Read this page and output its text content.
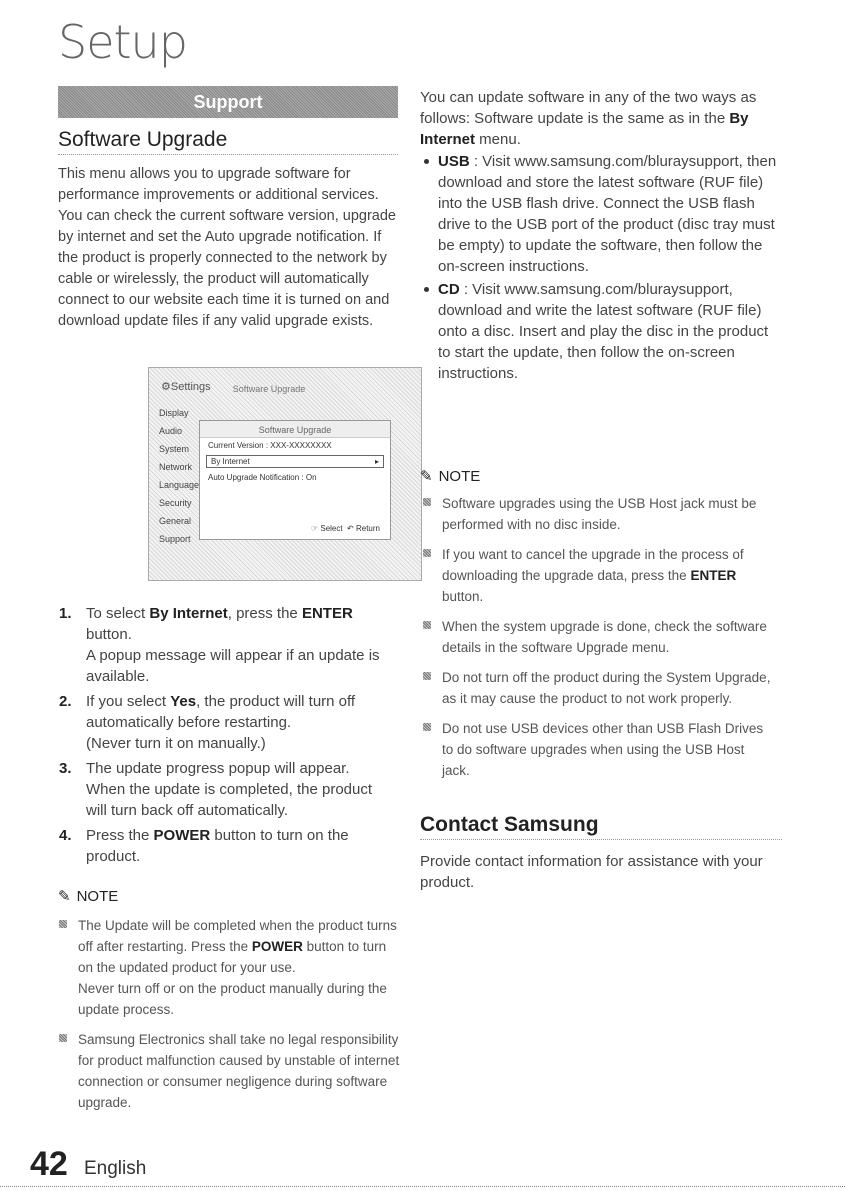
Setup
Support
Software Upgrade
This menu allows you to upgrade software for performance improvements or additional services. You can check the current software version, upgrade by internet and set the Auto upgrade notification. If the product is properly connected to the network by cable or wirelessly, the product will automatically connect to our website each time it is turned on and download update files if any valid upgrade exists.
⚙Settings	Software Upgrade
Display
Audio
System
Network
Language
Security
General
Support
Software Upgrade
Current Version : XXX-XXXXXXXX
By Internet	▸
Auto Upgrade Notification : On
☞ Select ↶ Return
1. To select By Internet, press the ENTER button.
A popup message will appear if an update is available.
2. If you select Yes, the product will turn off automatically before restarting.
(Never turn it on manually.)
3. The update progress popup will appear.
When the update is completed, the product will turn back off automatically.
4. Press the POWER button to turn on the product.
✎ NOTE
The Update will be completed when the product turns off after restarting. Press the POWER button to turn on the updated product for your use.
Never turn off or on the product manually during the update process.
Samsung Electronics shall take no legal responsibility for product malfunction caused by unstable of internet connection or consumer negligence during software upgrade.
You can update software in any of the two ways as follows: Software update is the same as in the By Internet menu.
USB : Visit www.samsung.com/bluraysupport, then download and store the latest software (RUF file) into the USB flash drive. Connect the USB flash drive to the USB port of the product (disc tray must be empty) to update the software, then follow the on-screen instructions.
CD : Visit www.samsung.com/bluraysupport, download and write the latest software (RUF file) onto a disc. Insert and play the disc in the product to start the update, then follow the on-screen instructions.
✎ NOTE
Software upgrades using the USB Host jack must be performed with no disc inside.
If you want to cancel the upgrade in the process of downloading the upgrade data, press the ENTER button.
When the system upgrade is done, check the software details in the software Upgrade menu.
Do not turn off the product during the System Upgrade, as it may cause the product to not work properly.
Do not use USB devices other than USB Flash Drives to do software upgrades when using the USB Host jack.
Contact Samsung
Provide contact information for assistance with your product.
42 English
